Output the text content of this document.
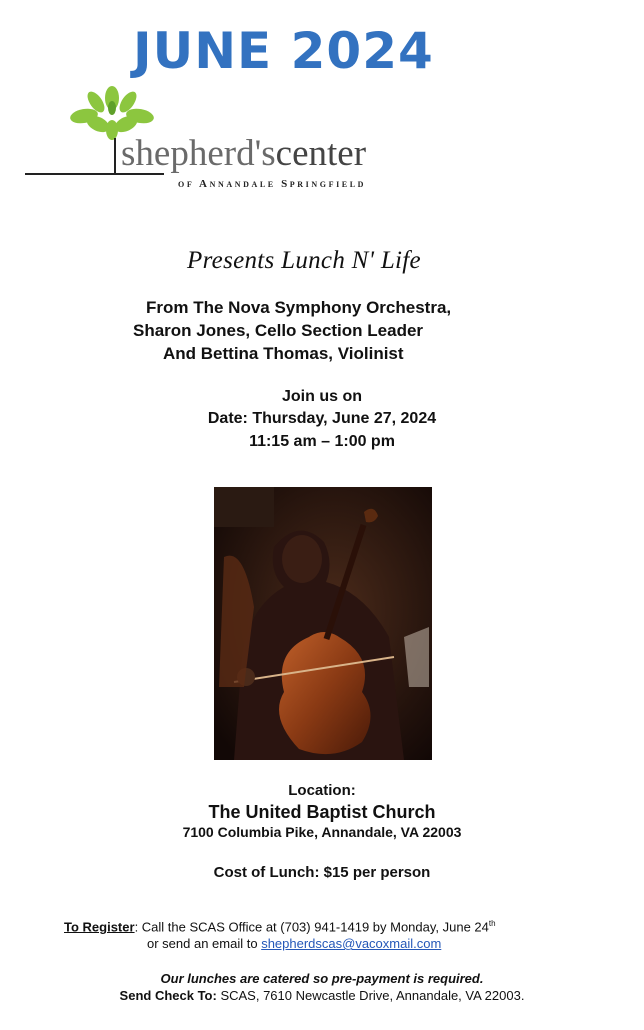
JUNE 2024
shepherd'scenter
of Annandale Springfield
Presents Lunch N' Life
From The Nova Symphony Orchestra,
Sharon Jones, Cello Section Leader
And Bettina Thomas, Violinist
Join us on
Date: Thursday, June 27, 2024
11:15 am – 1:00 pm
Location:
The United Baptist Church
7100 Columbia Pike, Annandale, VA 22003
Cost of Lunch: $15 per person
To Register: Call the SCAS Office at (703) 941-1419 by Monday, June 24th
or send an email to shepherdscas@vacoxmail.com
Our lunches are catered so pre-payment is required.
Send Check To: SCAS, 7610 Newcastle Drive, Annandale, VA 22003.
